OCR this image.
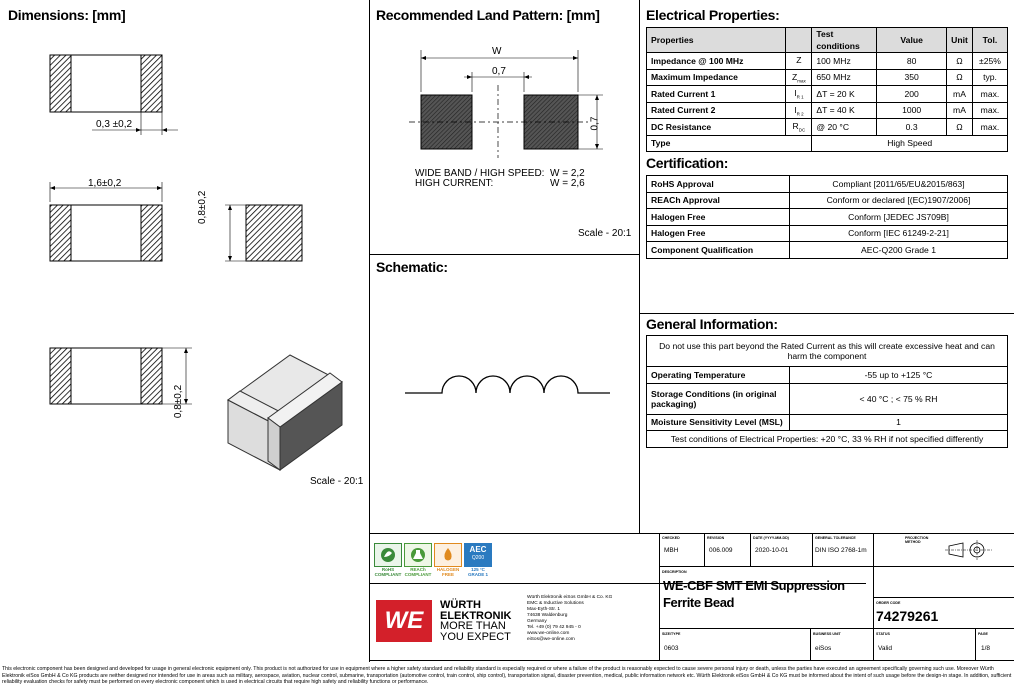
Dimensions: [mm]
0,3 ±0,2
1,6±0,2
0,8±0,2
0,8±0,2
Scale - 20:1
Recommended Land Pattern: [mm]
W
0,7
0,7
WIDE BAND / HIGH SPEED: W = 2,2
HIGH CURRENT:	W = 2,6
Scale - 20:1
Schematic:
Electrical Properties:
Properties		Test conditions	Value	Unit	Tol.
Impedance @ 100 MHz	Z	100 MHz	80	Ω	±25%
Maximum Impedance	$Z_{max}$	650 MHz	350	Ω	typ.
Rated Current 1	$I_{R 1}$	ΔT = 20 K	200	mA	max.
Rated Current 2	$I_{R 2}$	ΔT = 40 K	1000	mA	max.
DC Resistance	$R_{DC}$	@ 20 °C	0.3	Ω	max.
Type		High Speed			
Certification:
RoHS Approval	Compliant [2011/65/EU&2015/863]
REACh Approval	Conform or declared [(EC)1907/2006]
Halogen Free	Conform [JEDEC JS709B]
Halogen Free	Conform [IEC 61249-2-21]
Component Qualification	AEC-Q200 Grade 1
General Information:
Do not use this part beyond the Rated Current as this will create excessive heat and can harm the component	
Operating Temperature	-55 up to +125 °C
Storage Conditions (in original packaging)	< 40 °C ; < 75 % RH
Moisture Sensitivity Level (MSL)	1
Test conditions of Electrical Properties: +20 °C, 33 % RH if not specified differently	
AEC
Q200
RoHS
COMPLIANT
REACh
COMPLIANT
HALOGEN
FREE
125 °C
GRADE 1
WE
WÜRTH
ELEKTRONIK
MORE THAN
YOU EXPECT
Würth Elektronik eiSos GmbH & Co. KG
EMC & Inductive Solutions
Max-Eyth-Str. 1
74638 Waldenburg
Germany
Tel. +49 (0) 79 42 945 - 0
www.we-online.com
eiSos@we-online.com
CHECKED
MBH
REVISION
006.009
DATE (YYYY-MM-DD)
2020-10-01
GENERAL TOLERANCE
DIN ISO 2768-1m
PROJECTION METHOD
DESCRIPTION
WE-CBF SMT EMI Suppression
Ferrite Bead	ORDER CODE
74279261
SIZE/TYPE
0603
BUSINESS UNIT
eiSos
STATUS
Valid
PAGE
1/8
This electronic component has been designed and developed for usage in general electronic equipment only. This product is not authorized for use in equipment where a higher safety standard and reliability standard is especially required or where a failure of the product is reasonably expected to cause severe personal injury or death, unless the parties have executed an agreement specifically governing such use. Moreover Würth Elektronik eiSos GmbH & Co KG products are neither designed nor intended for use in areas such as military, aerospace, aviation, nuclear control, submarine, transportation (automotive control, train control, ship control), transportation signal, disaster prevention, medical, public information network etc. Würth Elektronik eiSos GmbH & Co KG must be informed about the intent of such usage before the design-in stage. In addition, sufficient reliability evaluation checks for safety must be performed on every electronic component which is used in electrical circuits that require high safety and reliability functions or performance.
